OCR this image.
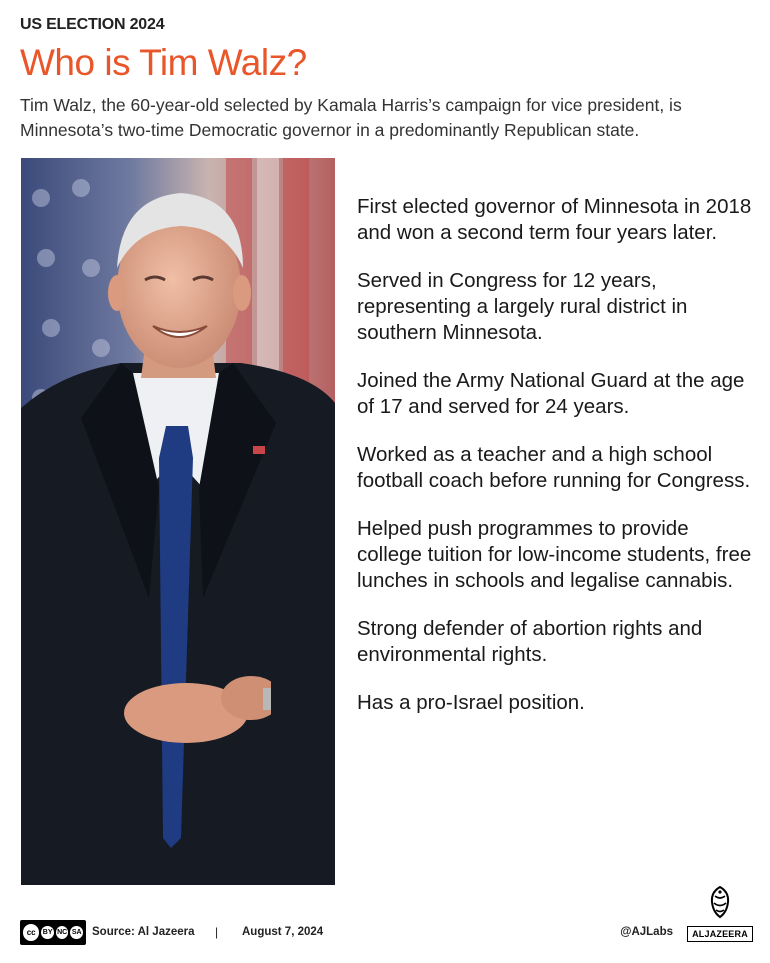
US ELECTION 2024
Who is Tim Walz?

Tim Walz, the 60-year-old selected by Kamala Harris’s campaign for vice president, is Minnesota’s two-time Democratic governor in a predominantly Republican state.

First elected governor of Minnesota in 2018 and won a second term four years later.
Served in Congress for 12 years, representing a largely rural district in southern Minnesota.
Joined the Army National Guard at the age of 17 and served for 24 years.
Worked as a teacher and a high school football coach before running for Congress.
Helped push programmes to provide college tuition for low-income students, free lunches in schools and legalise cannabis.
Strong defender of abortion rights and environmental rights.
Has a pro-Israel position.
cc	BY NC SA Source: Al Jazeera | August 7, 2024	@AJLabs	ALJAZEERA
